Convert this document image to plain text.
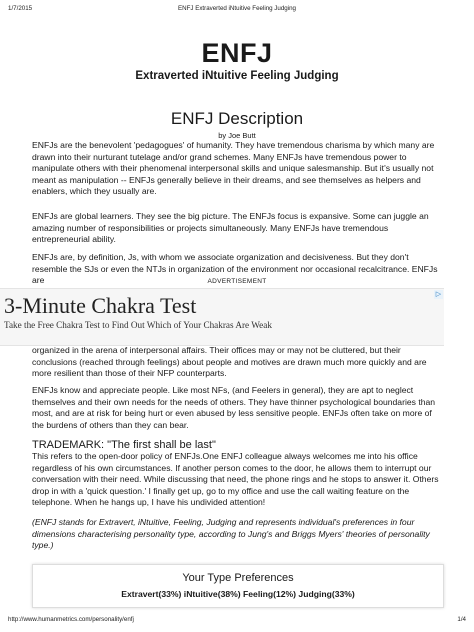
1/7/2015	ENFJ Extraverted iNtuitive Feeling Judging
ENFJ
Extraverted iNtuitive Feeling Judging
ENFJ Description
by Joe Butt

ENFJs are the benevolent 'pedagogues' of humanity. They have tremendous charisma by which many are drawn into their nurturant tutelage and/or grand schemes. Many ENFJs have tremendous power to manipulate others with their phenomenal interpersonal skills and unique salesmanship. But it's usually not meant as manipulation -- ENFJs generally believe in their dreams, and see themselves as helpers and enablers, which they usually are.

ENFJs are global learners. They see the big picture. The ENFJs focus is expansive. Some can juggle an amazing number of responsibilities or projects simultaneously. Many ENFJs have tremendous entrepreneurial ability.

ENFJs are, by definition, Js, with whom we associate organization and decisiveness. But they don't resemble the SJs or even the NTJs in organization of the environment nor occasional recalcitrance. ENFJs are	ADVERTISEMENT
3-Minute Chakra Test
Take the Free Chakra Test to Find Out Which of Your Chakras Are Weak
▷

organized in the arena of interpersonal affairs. Their offices may or may not be cluttered, but their conclusions (reached through feelings) about people and motives are drawn much more quickly and are more resilient than those of their NFP counterparts.

ENFJs know and appreciate people. Like most NFs, (and Feelers in general), they are apt to neglect themselves and their own needs for the needs of others. They have thinner psychological boundaries than most, and are at risk for being hurt or even abused by less sensitive people. ENFJs often take on more of the burdens of others than they can bear.

TRADEMARK: "The first shall be last"

This refers to the open-door policy of ENFJs.One ENFJ colleague always welcomes me into his office regardless of his own circumstances. If another person comes to the door, he allows them to interrupt our conversation with their need. While discussing that need, the phone rings and he stops to answer it. Others drop in with a 'quick question.' I finally get up, go to my office and use the call waiting feature on the telephone. When he hangs up, I have his undivided attention!

(ENFJ stands for Extravert, iNtuitive, Feeling, Judging and represents individual's preferences in four dimensions characterising personality type, according to Jung's and Briggs Myers' theories of personality type.)

Your Type Preferences
Extravert(33%) iNtuitive(38%) Feeling(12%) Judging(33%)
http://www.humanmetrics.com/personality/enfj	1/4
